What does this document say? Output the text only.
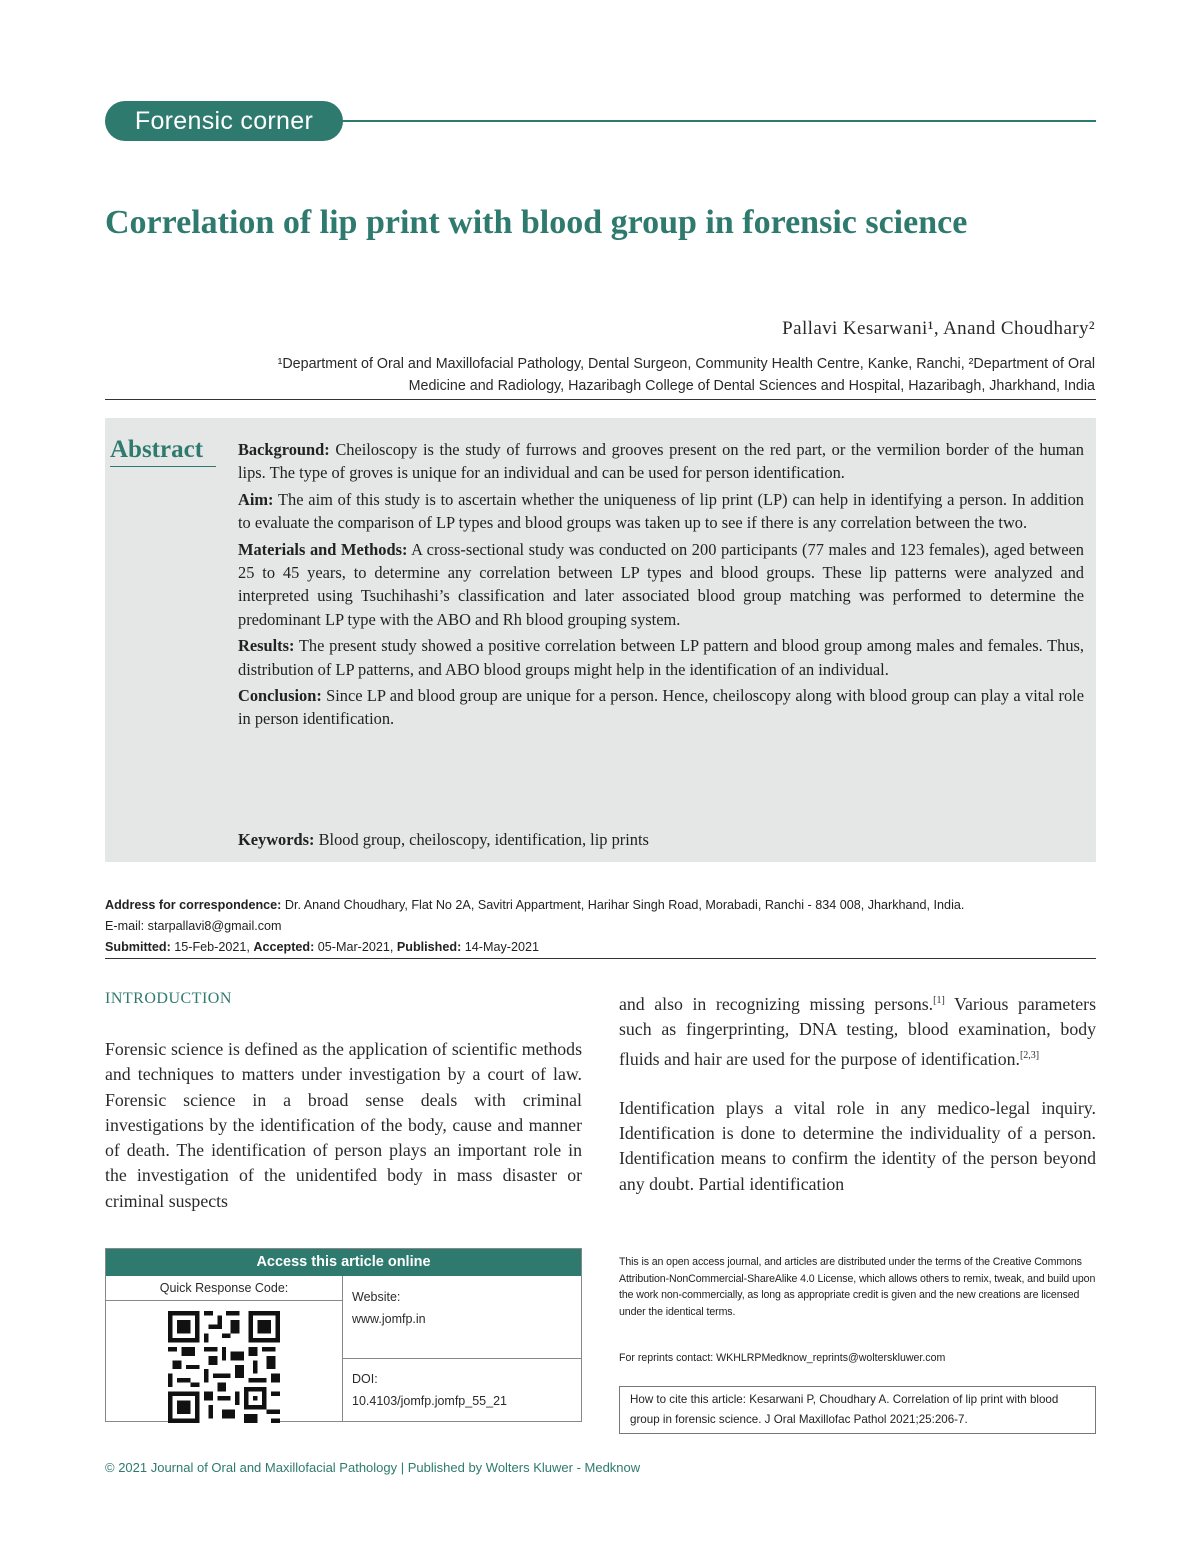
Forensic corner
Correlation of lip print with blood group in forensic science
Pallavi Kesarwani¹, Anand Choudhary²
¹Department of Oral and Maxillofacial Pathology, Dental Surgeon, Community Health Centre, Kanke, Ranchi, ²Department of Oral
Medicine and Radiology, Hazaribagh College of Dental Sciences and Hospital, Hazaribagh, Jharkhand, India
Abstract	Background: Cheiloscopy is the study of furrows and grooves present on the red part, or the vermilion border of the human lips. The type of groves is unique for an individual and can be used for person identification.

Aim: The aim of this study is to ascertain whether the uniqueness of lip print (LP) can help in identifying a person. In addition to evaluate the comparison of LP types and blood groups was taken up to see if there is any correlation between the two.

Materials and Methods: A cross-sectional study was conducted on 200 participants (77 males and 123 females), aged between 25 to 45 years, to determine any correlation between LP types and blood groups. These lip patterns were analyzed and interpreted using Tsuchihashi’s classification and later associated blood group matching was performed to determine the predominant LP type with the ABO and Rh blood grouping system.

Results: The present study showed a positive correlation between LP pattern and blood group among males and females. Thus, distribution of LP patterns, and ABO blood groups might help in the identification of an individual.

Conclusion: Since LP and blood group are unique for a person. Hence, cheiloscopy along with blood group can play a vital role in person identification.

Keywords: Blood group, cheiloscopy, identification, lip prints
Address for correspondence: Dr. Anand Choudhary, Flat No 2A, Savitri Appartment, Harihar Singh Road, Morabadi, Ranchi - 834 008, Jharkhand, India.
E-mail: starpallavi8@gmail.com
Submitted: 15-Feb-2021, Accepted: 05-Mar-2021, Published: 14-May-2021
INTRODUCTION

Forensic science is defined as the application of scientific methods and techniques to matters under investigation by a court of law. Forensic science in a broad sense deals with criminal investigations by the identification of the body, cause and manner of death. The identification of person plays an important role in the investigation of the unidentifed body in mass disaster or criminal suspects

and also in recognizing missing persons.[1] Various parameters such as fingerprinting, DNA testing, blood examination, body fluids and hair are used for the purpose of identification.[2,3]

Identification plays a vital role in any medico-legal inquiry. Identification is done to determine the individuality of a person. Identification means to confirm the identity of the person beyond any doubt. Partial identification

Access this article online
Quick Response Code:
Website:
www.jomfp.in
DOI:
10.4103/jomfp.jomfp_55_21
This is an open access journal, and articles are distributed under the terms of the Creative Commons Attribution-NonCommercial-ShareAlike 4.0 License, which allows others to remix, tweak, and build upon the work non-commercially, as long as appropriate credit is given and the new creations are licensed under the identical terms.
For reprints contact: WKHLRPMedknow_reprints@wolterskluwer.com
How to cite this article: Kesarwani P, Choudhary A. Correlation of lip print with blood group in forensic science. J Oral Maxillofac Pathol 2021;25:206-7.
© 2021 Journal of Oral and Maxillofacial Pathology | Published by Wolters Kluwer - Medknow
